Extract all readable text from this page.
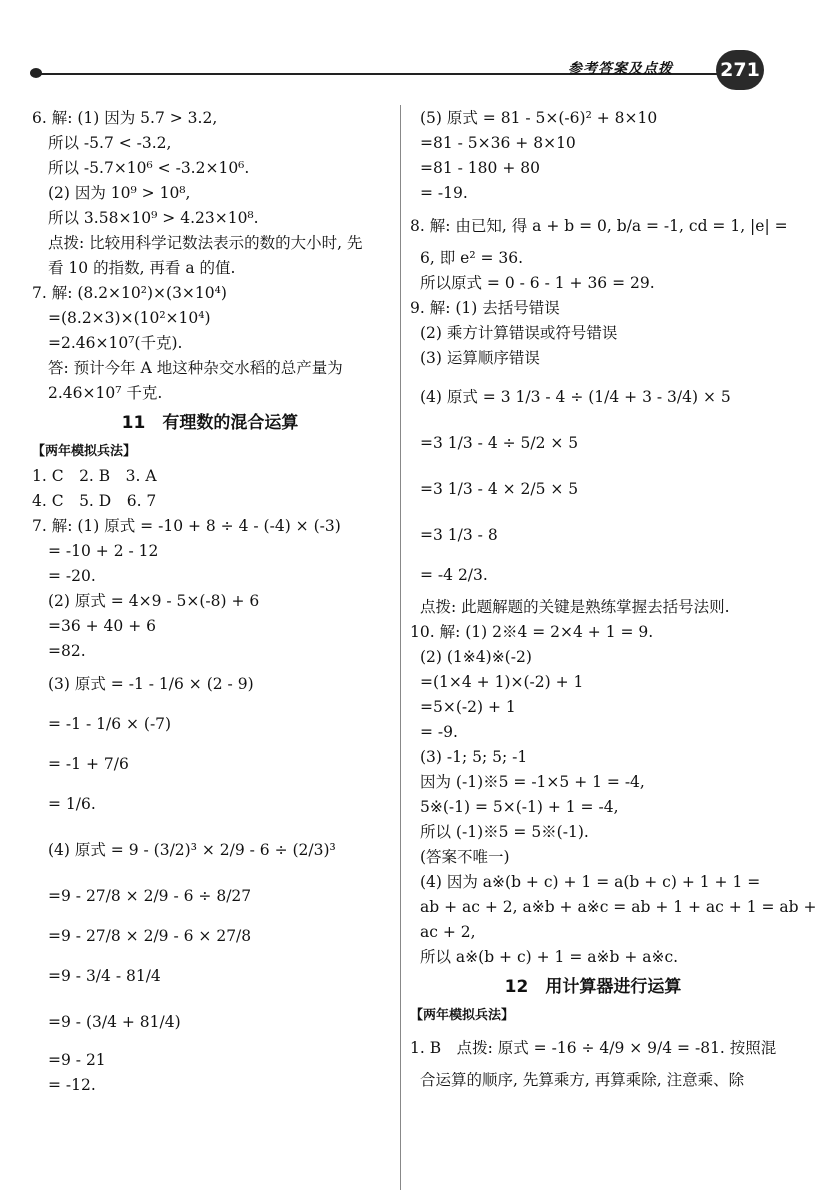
参考答案及点拨 271
6. 解: (1) 因为 5.7 > 3.2,
所以 -5.7 < -3.2,
所以 -5.7×10⁶ < -3.2×10⁶.
(2) 因为 10⁹ > 10⁸,
所以 3.58×10⁹ > 4.23×10⁸.
点拨: 比较用科学记数法表示的数的大小时, 先
看 10 的指数, 再看 a 的值.
7. 解: (8.2×10²)×(3×10⁴)
=(8.2×3)×(10²×10⁴)
=2.46×10⁷(千克).
答: 预计今年 A 地这种杂交水稻的总产量为
2.46×10⁷ 千克.
11　有理数的混合运算
【两年模拟兵法】
1. C　2. B　3. A
4. C　5. D　6. 7
7. 解: (1) 原式 = -10 + 8 ÷ 4 - (-4) × (-3)
= -10 + 2 - 12
= -20.
(2) 原式 = 4×9 - 5×(-8) + 6
=36 + 40 + 6
=82.
(3) 原式 = -1 - 1/6 × (2 - 9)
= -1 - 1/6 × (-7)
= -1 + 7/6
= 1/6.
(4) 原式 = 9 - (3/2)³ × 2/9 - 6 ÷ (2/3)³
=9 - 27/8 × 2/9 - 6 ÷ 8/27
=9 - 27/8 × 2/9 - 6 × 27/8
=9 - 3/4 - 81/4
=9 - (3/4 + 81/4)
=9 - 21
= -12.
(5) 原式 = 81 - 5×(-6)² + 8×10
=81 - 5×36 + 8×10
=81 - 180 + 80
= -19.
8. 解: 由已知, 得 a + b = 0, b/a = -1, cd = 1, |e| =
6, 即 e² = 36.
所以原式 = 0 - 6 - 1 + 36 = 29.
9. 解: (1) 去括号错误
(2) 乘方计算错误或符号错误
(3) 运算顺序错误
(4) 原式 = 3 1/3 - 4 ÷ (1/4 + 3 - 3/4) × 5
=3 1/3 - 4 ÷ 5/2 × 5
=3 1/3 - 4 × 2/5 × 5
=3 1/3 - 8
= -4 2/3.
点拨: 此题解题的关键是熟练掌握去括号法则.
10. 解: (1) 2※4 = 2×4 + 1 = 9.
(2) (1※4)※(-2)
=(1×4 + 1)×(-2) + 1
=5×(-2) + 1
= -9.
(3) -1; 5; 5; -1
因为 (-1)※5 = -1×5 + 1 = -4,
5※(-1) = 5×(-1) + 1 = -4,
所以 (-1)※5 = 5※(-1).
(答案不唯一)
(4) 因为 a※(b + c) + 1 = a(b + c) + 1 + 1 =
ab + ac + 2, a※b + a※c = ab + 1 + ac + 1 = ab +
ac + 2,
所以 a※(b + c) + 1 = a※b + a※c.
12　用计算器进行运算
【两年模拟兵法】
1. B　点拨: 原式 = -16 ÷ 4/9 × 9/4 = -81. 按照混
合运算的顺序, 先算乘方, 再算乘除, 注意乘、除
